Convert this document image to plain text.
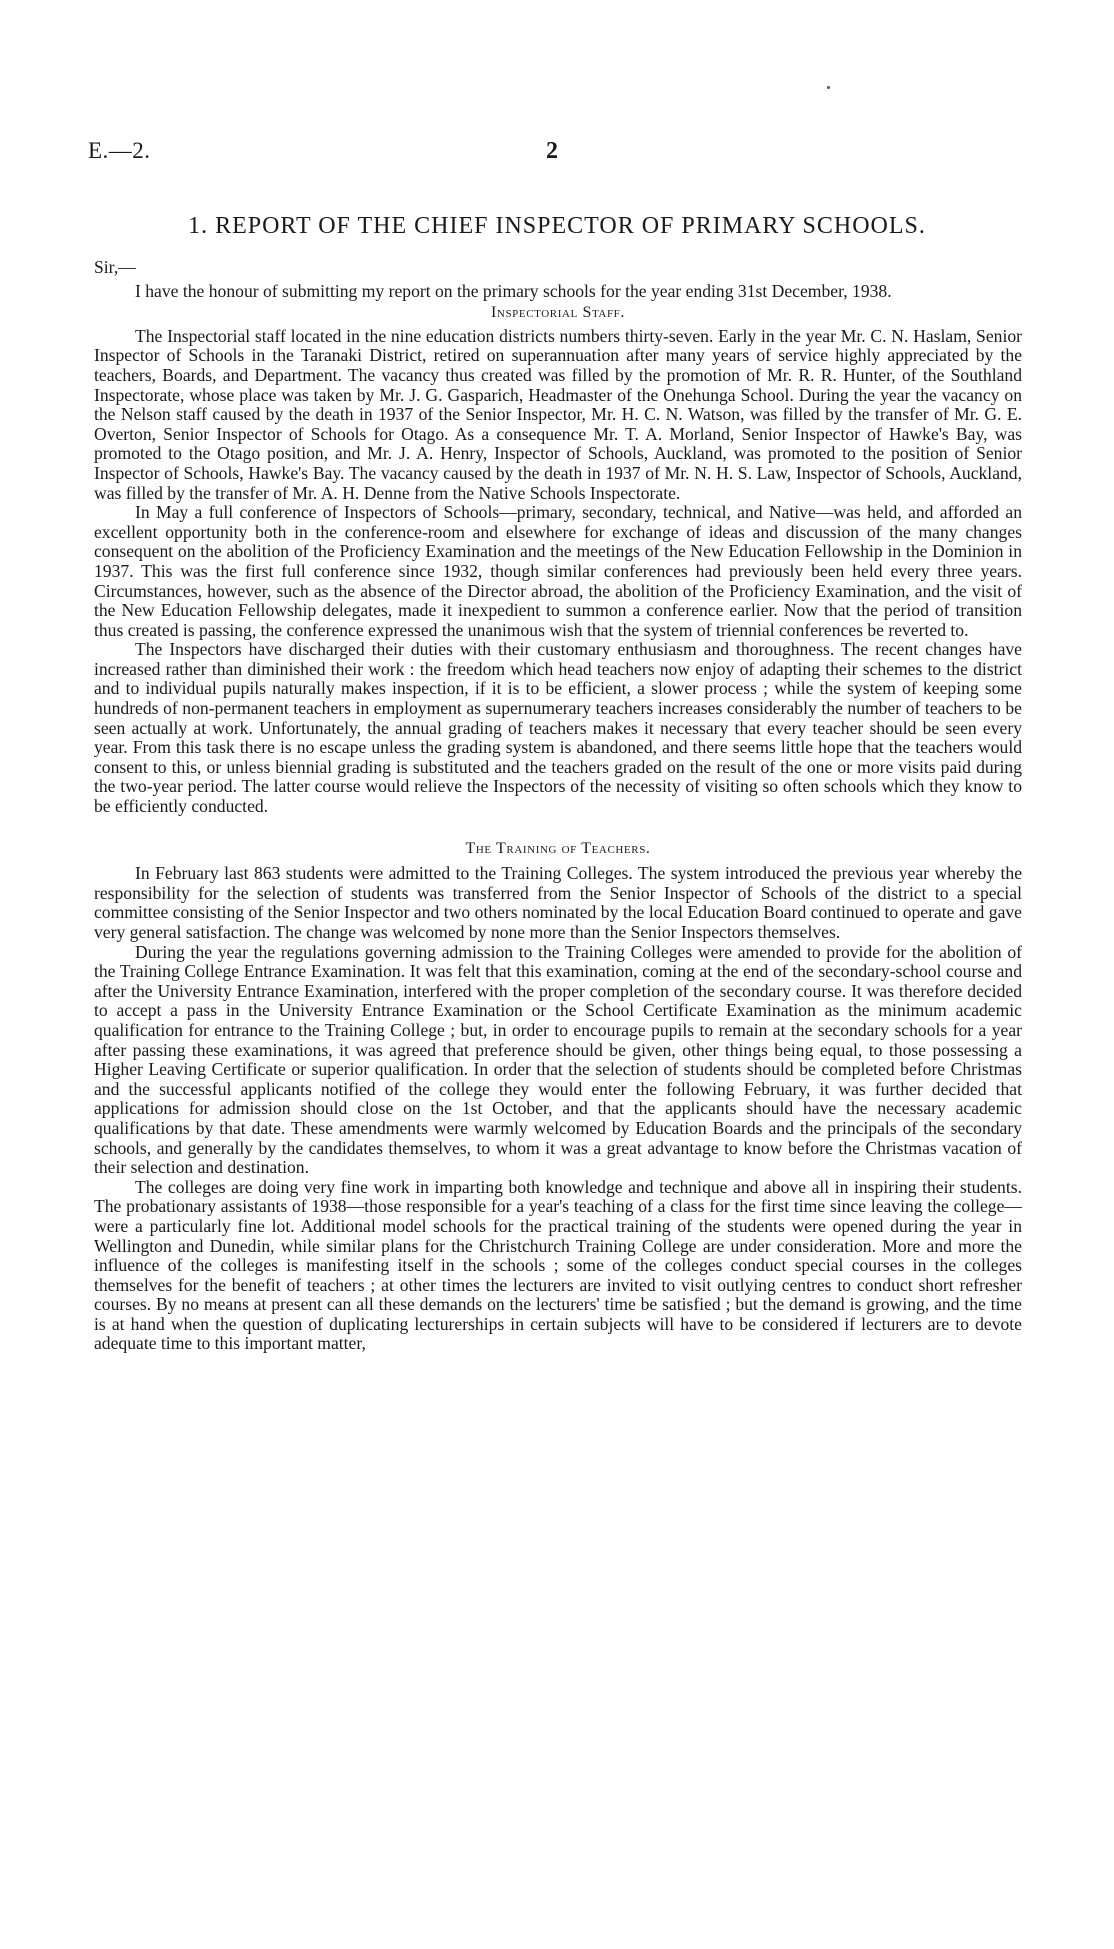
E.—2.	2
1. REPORT OF THE CHIEF INSPECTOR OF PRIMARY SCHOOLS.
Sir,—

I have the honour of submitting my report on the primary schools for the year ending 31st December, 1938.

Inspectorial Staff.

The Inspectorial staff located in the nine education districts numbers thirty-seven. Early in the year Mr. C. N. Haslam, Senior Inspector of Schools in the Taranaki District, retired on superannuation after many years of service highly appreciated by the teachers, Boards, and Department. The vacancy thus created was filled by the promotion of Mr. R. R. Hunter, of the Southland Inspectorate, whose place was taken by Mr. J. G. Gasparich, Headmaster of the Onehunga School. During the year the vacancy on the Nelson staff caused by the death in 1937 of the Senior Inspector, Mr. H. C. N. Watson, was filled by the transfer of Mr. G. E. Overton, Senior Inspector of Schools for Otago. As a consequence Mr. T. A. Morland, Senior Inspector of Hawke's Bay, was promoted to the Otago position, and Mr. J. A. Henry, Inspector of Schools, Auckland, was promoted to the position of Senior Inspector of Schools, Hawke's Bay. The vacancy caused by the death in 1937 of Mr. N. H. S. Law, Inspector of Schools, Auckland, was filled by the transfer of Mr. A. H. Denne from the Native Schools Inspectorate.

In May a full conference of Inspectors of Schools—primary, secondary, technical, and Native—was held, and afforded an excellent opportunity both in the conference-room and elsewhere for exchange of ideas and discussion of the many changes consequent on the abolition of the Proficiency Examination and the meetings of the New Education Fellowship in the Dominion in 1937. This was the first full conference since 1932, though similar conferences had previously been held every three years. Circumstances, however, such as the absence of the Director abroad, the abolition of the Proficiency Examination, and the visit of the New Education Fellowship delegates, made it inexpedient to summon a conference earlier. Now that the period of transition thus created is passing, the conference expressed the unanimous wish that the system of triennial conferences be reverted to.

The Inspectors have discharged their duties with their customary enthusiasm and thoroughness. The recent changes have increased rather than diminished their work : the freedom which head teachers now enjoy of adapting their schemes to the district and to individual pupils naturally makes inspection, if it is to be efficient, a slower process ; while the system of keeping some hundreds of non-permanent teachers in employment as supernumerary teachers increases considerably the number of teachers to be seen actually at work. Unfortunately, the annual grading of teachers makes it necessary that every teacher should be seen every year. From this task there is no escape unless the grading system is abandoned, and there seems little hope that the teachers would consent to this, or unless biennial grading is substituted and the teachers graded on the result of the one or more visits paid during the two-year period. The latter course would relieve the Inspectors of the necessity of visiting so often schools which they know to be efficiently conducted.

The Training of Teachers.

In February last 863 students were admitted to the Training Colleges. The system introduced the previous year whereby the responsibility for the selection of students was transferred from the Senior Inspector of Schools of the district to a special committee consisting of the Senior Inspector and two others nominated by the local Education Board continued to operate and gave very general satisfaction. The change was welcomed by none more than the Senior Inspectors themselves.

During the year the regulations governing admission to the Training Colleges were amended to provide for the abolition of the Training College Entrance Examination. It was felt that this examination, coming at the end of the secondary-school course and after the University Entrance Examination, interfered with the proper completion of the secondary course. It was therefore decided to accept a pass in the University Entrance Examination or the School Certificate Examination as the minimum academic qualification for entrance to the Training College ; but, in order to encourage pupils to remain at the secondary schools for a year after passing these examinations, it was agreed that preference should be given, other things being equal, to those possessing a Higher Leaving Certificate or superior qualification. In order that the selection of students should be completed before Christmas and the successful applicants notified of the college they would enter the following February, it was further decided that applications for admission should close on the 1st October, and that the applicants should have the necessary academic qualifications by that date. These amendments were warmly welcomed by Education Boards and the principals of the secondary schools, and generally by the candidates themselves, to whom it was a great advantage to know before the Christmas vacation of their selection and destination.

The colleges are doing very fine work in imparting both knowledge and technique and above all in inspiring their students. The probationary assistants of 1938—those responsible for a year's teaching of a class for the first time since leaving the college—were a particularly fine lot. Additional model schools for the practical training of the students were opened during the year in Wellington and Dunedin, while similar plans for the Christchurch Training College are under consideration. More and more the influence of the colleges is manifesting itself in the schools ; some of the colleges conduct special courses in the colleges themselves for the benefit of teachers ; at other times the lecturers are invited to visit outlying centres to conduct short refresher courses. By no means at present can all these demands on the lecturers' time be satisfied ; but the demand is growing, and the time is at hand when the question of duplicating lecturerships in certain subjects will have to be considered if lecturers are to devote adequate time to this important matter,
